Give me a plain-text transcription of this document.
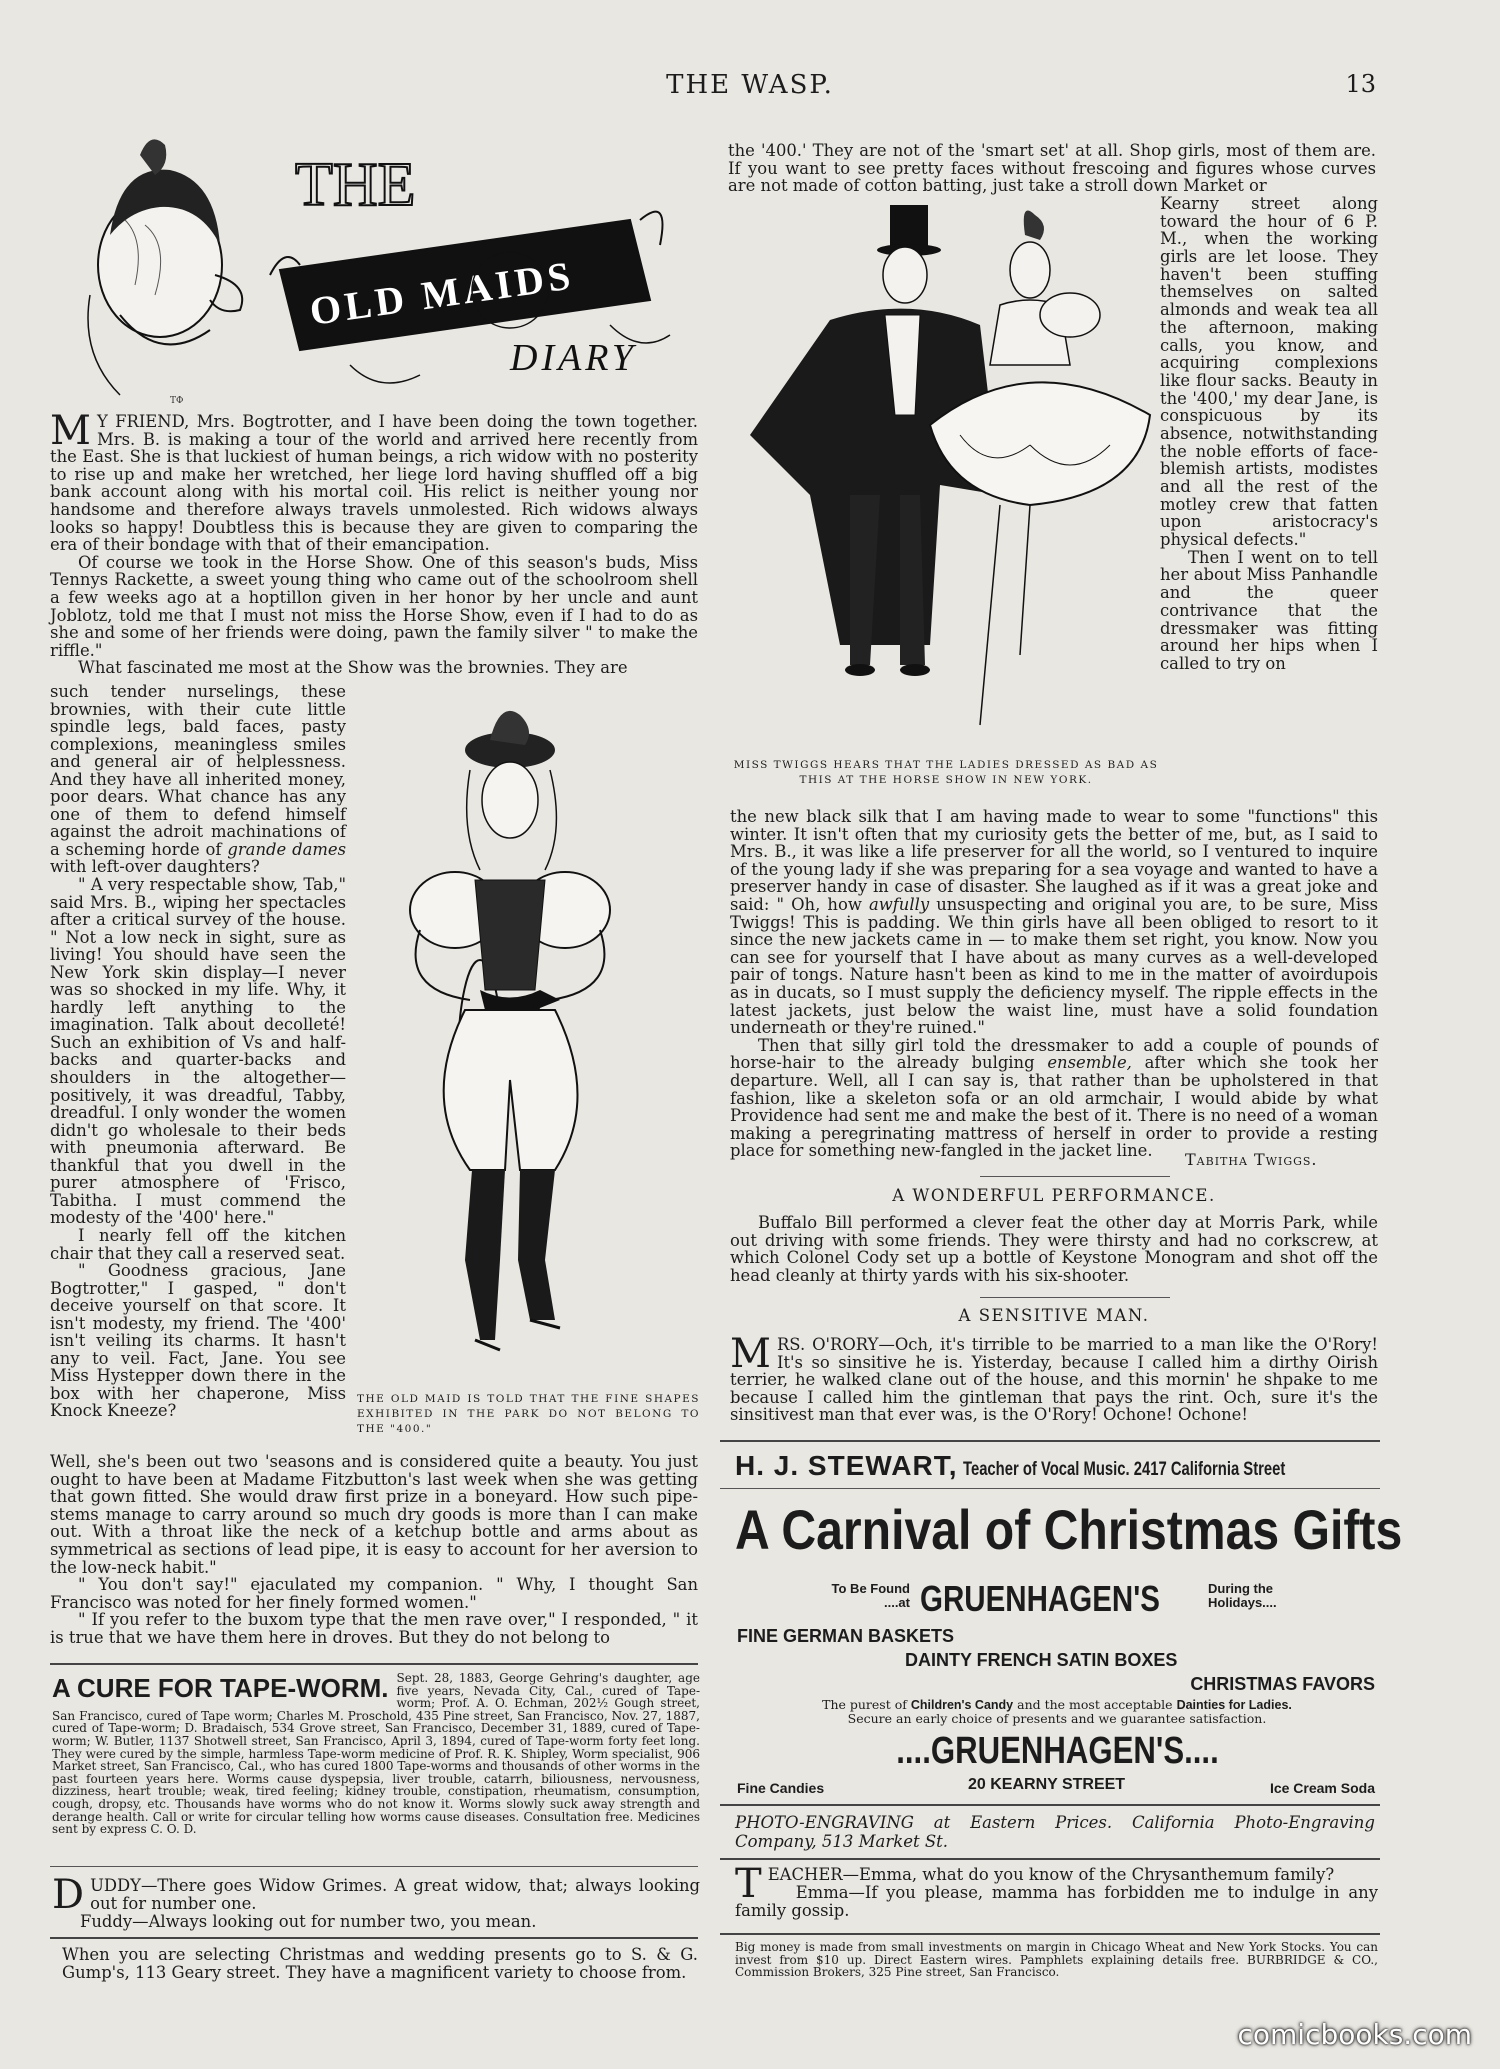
THE WASP.	13
ТΦ
THE
OLD MAIDS
DIARY

M Y FRIEND, Mrs. Bogtrotter, and I have been doing the town together. Mrs. B. is making a tour of the world and arrived here recently from the East. She is that luckiest of human beings, a rich widow with no posterity to rise up and make her wretched, her liege lord having shuffled off a big bank account along with his mortal coil. His relict is neither young nor handsome and therefore always travels unmolested. Rich widows always looks so happy! Doubtless this is because they are given to comparing the era of their bondage with that of their emancipation.

Of course we took in the Horse Show. One of this season's buds, Miss Tennys Rackette, a sweet young thing who came out of the schoolroom shell a few weeks ago at a hoptillon given in her honor by her uncle and aunt Joblotz, told me that I must not miss the Horse Show, even if I had to do as she and some of her friends were doing, pawn the family silver " to make the riffle."

What fascinated me most at the Show was the brownies. They are

such tender nurselings, these brownies, with their cute little spindle legs, bald faces, pasty complexions, meaningless smiles and general air of helplessness. And they have all inherited money, poor dears. What chance has any one of them to defend himself against the adroit machinations of a scheming horde of grande dames with left-over daughters?

" A very respectable show, Tab," said Mrs. B., wiping her spectacles after a critical survey of the house. " Not a low neck in sight, sure as living! You should have seen the New York skin display—I never was so shocked in my life. Why, it hardly left anything to the imagination. Talk about decolleté! Such an exhibition of Vs and half-backs and quarter-backs and shoulders in the altogether—positively, it was dreadful, Tabby, dreadful. I only wonder the women didn't go wholesale to their beds with pneumonia afterward. Be thankful that you dwell in the purer atmosphere of 'Frisco, Tabitha. I must commend the modesty of the '400' here."

I nearly fell off the kitchen chair that they call a reserved seat.

" Goodness gracious, Jane Bogtrotter," I gasped, " don't deceive yourself on that score. It isn't modesty, my friend. The '400' isn't veiling its charms. It hasn't any to veil. Fact, Jane. You see Miss Hystepper down there in the box with her chaperone, Miss Knock Kneeze?

THE OLD MAID IS TOLD THAT THE FINE SHAPES EXHIBITED IN THE PARK DO NOT BELONG TO THE "400."

Well, she's been out two 'seasons and is considered quite a beauty. You just ought to have been at Madame Fitzbutton's last week when she was getting that gown fitted. She would draw first prize in a boneyard. How such pipe-stems manage to carry around so much dry goods is more than I can make out. With a throat like the neck of a ketchup bottle and arms about as symmetrical as sections of lead pipe, it is easy to account for her aversion to the low-neck habit."

" You don't say!" ejaculated my companion. " Why, I thought San Francisco was noted for her finely formed women."

" If you refer to the buxom type that the men rave over," I responded, " it is true that we have them here in droves. But they do not belong to

A CURE FOR TAPE-WORM. Sept. 28, 1883, George Gehring's daughter, age five years, Nevada City, Cal., cured of Tape-worm; Prof. A. O. Echman, 202½ Gough street, San Francisco, cured of Tape worm; Charles M. Proschold, 435 Pine street, San Francisco, Nov. 27, 1887, cured of Tape-worm; D. Bradaisch, 534 Grove street, San Francisco, December 31, 1889, cured of Tape-worm; W. Butler, 1137 Shotwell street, San Francisco, April 3, 1894, cured of Tape-worm forty feet long. They were cured by the simple, harmless Tape-worm medicine of Prof. R. K. Shipley, Worm specialist, 906 Market street, San Francisco, Cal., who has cured 1800 Tape-worms and thousands of other worms in the past fourteen years here. Worms cause dyspepsia, liver trouble, catarrh, biliousness, nervousness, dizziness, heart trouble; weak, tired feeling; kidney trouble, constipation, rheumatism, consumption, cough, dropsy, etc. Thousands have worms who do not know it. Worms slowly suck away strength and derange health. Call or write for circular telling how worms cause diseases. Consultation free. Medicines sent by express C. O. D.

DUDDY—There goes Widow Grimes. A great widow, that; always looking out for number one.

Fuddy—Always looking out for number two, you mean.

When you are selecting Christmas and wedding presents go to S. & G. Gump's, 113 Geary street. They have a magnificent variety to choose from.

the '400.' They are not of the 'smart set' at all. Shop girls, most of them are. If you want to see pretty faces without frescoing and figures whose curves are not made of cotton batting, just take a stroll down Market or

MISS TWIGGS HEARS THAT THE LADIES DRESSED AS BAD AS THIS AT THE HORSE SHOW IN NEW YORK.

Kearny street along toward the hour of 6 P. M., when the working girls are let loose. They haven't been stuffing themselves on salted almonds and weak tea all the afternoon, making calls, you know, and acquiring complexions like flour sacks. Beauty in the '400,' my dear Jane, is conspicuous by its absence, notwithstanding the noble efforts of face-blemish artists, modistes and all the rest of the motley crew that fatten upon aristocracy's physical defects."

Then I went on to tell her about Miss Panhandle and the queer contrivance that the dressmaker was fitting around her hips when I called to try on

the new black silk that I am having made to wear to some "functions" this winter. It isn't often that my curiosity gets the better of me, but, as I said to Mrs. B., it was like a life preserver for all the world, so I ventured to inquire of the young lady if she was preparing for a sea voyage and wanted to have a preserver handy in case of disaster. She laughed as if it was a great joke and said: " Oh, how awfully unsuspecting and original you are, to be sure, Miss Twiggs! This is padding. We thin girls have all been obliged to resort to it since the new jackets came in — to make them set right, you know. Now you can see for yourself that I have about as many curves as a well-developed pair of tongs. Nature hasn't been as kind to me in the matter of avoirdupois as in ducats, so I must supply the deficiency myself. The ripple effects in the latest jackets, just below the waist line, must have a solid foundation underneath or they're ruined."

Then that silly girl told the dressmaker to add a couple of pounds of horse-hair to the already bulging ensemble, after which she took her departure. Well, all I can say is, that rather than be upholstered in that fashion, like a skeleton sofa or an old armchair, I would abide by what Providence had sent me and make the best of it. There is no need of a woman making a peregrinating mattress of herself in order to provide a resting place for something new-fangled in the jacket line.	Tabitha Twiggs.
A WONDERFUL PERFORMANCE.

Buffalo Bill performed a clever feat the other day at Morris Park, while out driving with some friends. They were thirsty and had no corkscrew, at which Colonel Cody set up a bottle of Keystone Monogram and shot off the head cleanly at thirty yards with his six-shooter.

A SENSITIVE MAN.

MRS. O'RORY—Och, it's tirrible to be married to a man like the O'Rory! It's so sinsitive he is. Yisterday, because I called him a dirthy Oirish terrier, he walked clane out of the house, and this mornin' he shpake to me because I called him the gintleman that pays the rint. Och, sure it's the sinsitivest man that ever was, is the O'Rory! Ochone! Ochone!

H. J. STEWART, Teacher of Vocal Music. 2417 California Street
A Carnival of Christmas Gifts
To Be Found ....at GRUENHAGEN'S	During the Holidays....
FINE GERMAN BASKETS
DAINTY FRENCH SATIN BOXES
CHRISTMAS FAVORS
The purest of Children's Candy and the most acceptable Dainties for Ladies.
Secure an early choice of presents and we guarantee satisfaction.
....GRUENHAGEN'S....
Fine Candies	20 KEARNY STREET	Ice Cream Soda

PHOTO-ENGRAVING at Eastern Prices. California Photo-Engraving Company, 513 Market St.

TEACHER—Emma, what do you know of the Chrysanthemum family?

Emma—If you please, mamma has forbidden me to indulge in any family gossip.

Big money is made from small investments on margin in Chicago Wheat and New York Stocks. You can invest from $10 up. Direct Eastern wires. Pamphlets explaining details free. BURBRIDGE & CO., Commission Brokers, 325 Pine street, San Francisco.

comicbooks.com
